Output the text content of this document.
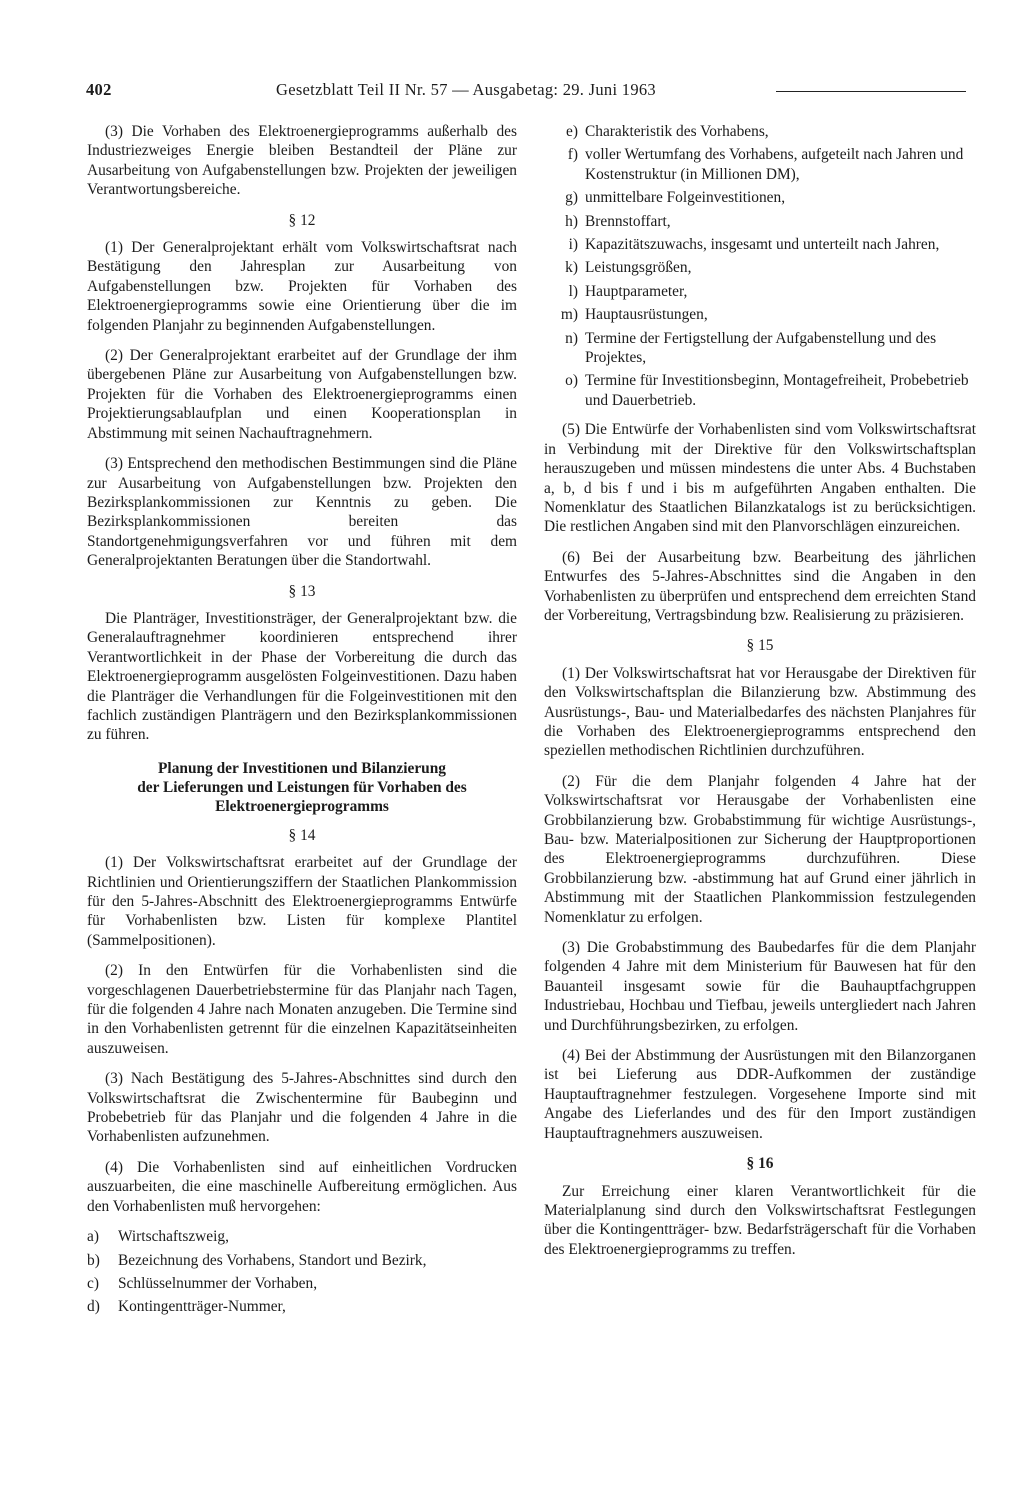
402	Gesetzblatt Teil II Nr. 57 — Ausgabetag: 29. Juni 1963

(3) Die Vorhaben des Elektroenergieprogramms außerhalb des Industriezweiges Energie bleiben Bestandteil der Pläne zur Ausarbeitung von Aufgabenstellungen bzw. Projekten der jeweiligen Verantwortungsbereiche.

§ 12

(1) Der Generalprojektant erhält vom Volkswirtschaftsrat nach Bestätigung den Jahresplan zur Ausarbeitung von Aufgabenstellungen bzw. Projekten für Vorhaben des Elektroenergieprogramms sowie eine Orientierung über die im folgenden Planjahr zu beginnenden Aufgabenstellungen.

(2) Der Generalprojektant erarbeitet auf der Grundlage der ihm übergebenen Pläne zur Ausarbeitung von Aufgabenstellungen bzw. Projekten für die Vorhaben des Elektroenergieprogramms einen Projektierungsablaufplan und einen Kooperationsplan in Abstimmung mit seinen Nachauftragnehmern.

(3) Entsprechend den methodischen Bestimmungen sind die Pläne zur Ausarbeitung von Aufgabenstellungen bzw. Projekten den Bezirksplankommissionen zur Kenntnis zu geben. Die Bezirksplankommissionen bereiten das Standortgenehmigungsverfahren vor und führen mit dem Generalprojektanten Beratungen über die Standortwahl.

§ 13

Die Planträger, Investitionsträger, der Generalprojektant bzw. die Generalauftragnehmer koordinieren entsprechend ihrer Verantwortlichkeit in der Phase der Vorbereitung die durch das Elektroenergieprogramm ausgelösten Folgeinvestitionen. Dazu haben die Planträger die Verhandlungen für die Folgeinvestitionen mit den fachlich zuständigen Planträgern und den Bezirksplankommissionen zu führen.

Planung der Investitionen und Bilanzierung
der Lieferungen und Leistungen für Vorhaben des
Elektroenergieprogramms
§ 14

(1) Der Volkswirtschaftsrat erarbeitet auf der Grundlage der Richtlinien und Orientierungsziffern der Staatlichen Plankommission für den 5-Jahres-Abschnitt des Elektroenergieprogramms Entwürfe für Vorhabenlisten bzw. Listen für komplexe Plantitel (Sammelpositionen).

(2) In den Entwürfen für die Vorhabenlisten sind die vorgeschlagenen Dauerbetriebstermine für das Planjahr nach Tagen, für die folgenden 4 Jahre nach Monaten anzugeben. Die Termine sind in den Vorhabenlisten getrennt für die einzelnen Kapazitätseinheiten auszuweisen.

(3) Nach Bestätigung des 5-Jahres-Abschnittes sind durch den Volkswirtschaftsrat die Zwischentermine für Baubeginn und Probebetrieb für das Planjahr und die folgenden 4 Jahre in die Vorhabenlisten aufzunehmen.

(4) Die Vorhabenlisten sind auf einheitlichen Vordrucken auszuarbeiten, die eine maschinelle Aufbereitung ermöglichen. Aus den Vorhabenlisten muß hervorgehen:

a)	Wirtschaftszweig,
b)	Bezeichnung des Vorhabens, Standort und Bezirk,
c)	Schlüsselnummer der Vorhaben,
d)	Kontingentträger-Nummer,
e) Charakteristik des Vorhabens,
f) voller Wertumfang des Vorhabens, aufgeteilt nach Jahren und Kostenstruktur (in Millionen DM),
g) unmittelbare Folgeinvestitionen,
h) Brennstoffart,
i) Kapazitätszuwachs, insgesamt und unterteilt nach Jahren,
k) Leistungsgrößen,
l) Hauptparameter,
m) Hauptausrüstungen,
n) Termine der Fertigstellung der Aufgabenstellung und des Projektes,
o) Termine für Investitionsbeginn, Montagefreiheit, Probebetrieb und Dauerbetrieb.

(5) Die Entwürfe der Vorhabenlisten sind vom Volkswirtschaftsrat in Verbindung mit der Direktive für den Volkswirtschaftsplan herauszugeben und müssen mindestens die unter Abs. 4 Buchstaben a, b, d bis f und i bis m aufgeführten Angaben enthalten. Die Nomenklatur des Staatlichen Bilanzkatalogs ist zu berücksichtigen. Die restlichen Angaben sind mit den Planvorschlägen einzureichen.

(6) Bei der Ausarbeitung bzw. Bearbeitung des jährlichen Entwurfes des 5-Jahres-Abschnittes sind die Angaben in den Vorhabenlisten zu überprüfen und entsprechend dem erreichten Stand der Vorbereitung, Vertragsbindung bzw. Realisierung zu präzisieren.

§ 15

(1) Der Volkswirtschaftsrat hat vor Herausgabe der Direktiven für den Volkswirtschaftsplan die Bilanzierung bzw. Abstimmung des Ausrüstungs-, Bau- und Materialbedarfes des nächsten Planjahres für die Vorhaben des Elektroenergieprogramms entsprechend den speziellen methodischen Richtlinien durchzuführen.

(2) Für die dem Planjahr folgenden 4 Jahre hat der Volkswirtschaftsrat vor Herausgabe der Vorhabenlisten eine Grobbilanzierung bzw. Grobabstimmung für wichtige Ausrüstungs-, Bau- bzw. Materialpositionen zur Sicherung der Hauptproportionen des Elektroenergieprogramms durchzuführen. Diese Grobbilanzierung bzw. -abstimmung hat auf Grund einer jährlich in Abstimmung mit der Staatlichen Plankommission festzulegenden Nomenklatur zu erfolgen.

(3) Die Grobabstimmung des Baubedarfes für die dem Planjahr folgenden 4 Jahre mit dem Ministerium für Bauwesen hat für den Bauanteil insgesamt sowie für die Bauhauptfachgruppen Industriebau, Hochbau und Tiefbau, jeweils untergliedert nach Jahren und Durchführungsbezirken, zu erfolgen.

(4) Bei der Abstimmung der Ausrüstungen mit den Bilanzorganen ist bei Lieferung aus DDR-Aufkommen der zuständige Hauptauftragnehmer festzulegen. Vorgesehene Importe sind mit Angabe des Lieferlandes und des für den Import zuständigen Hauptauftragnehmers auszuweisen.

§ 16

Zur Erreichung einer klaren Verantwortlichkeit für die Materialplanung sind durch den Volkswirtschaftsrat Festlegungen über die Kontingentträger- bzw. Bedarfsträgerschaft für die Vorhaben des Elektroenergieprogramms zu treffen.
